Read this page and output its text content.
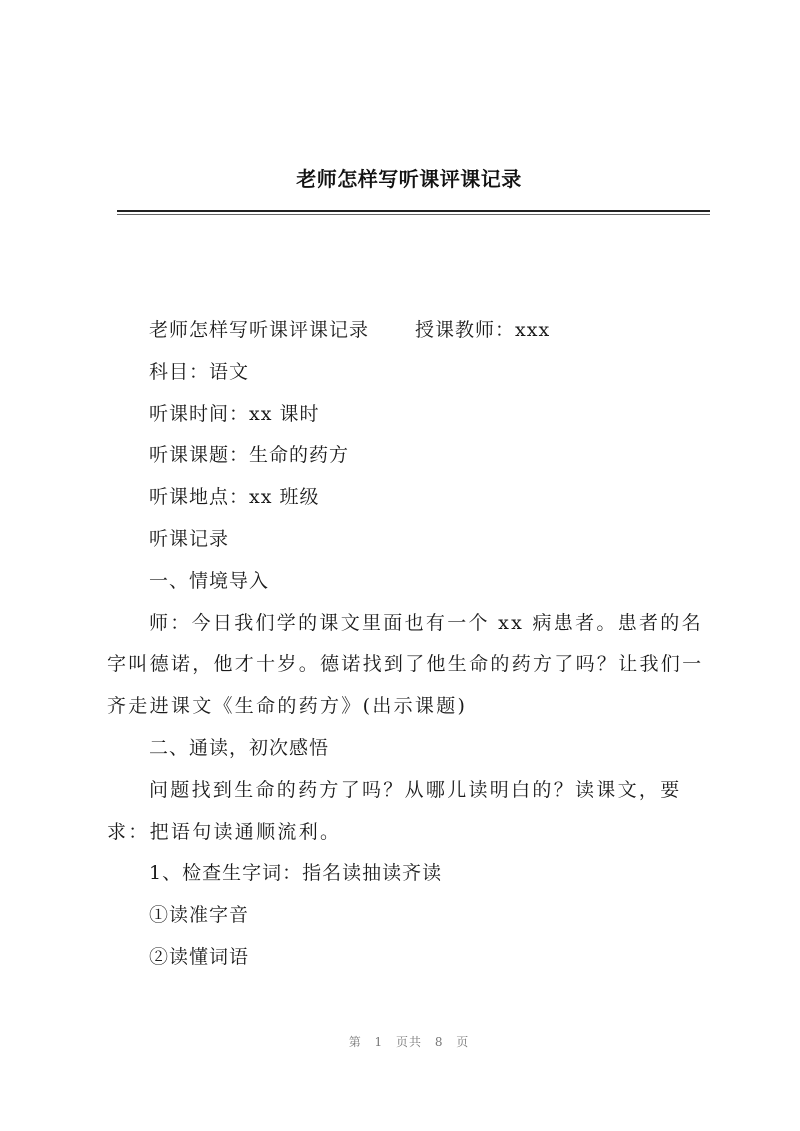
老师怎样写听课评课记录
老师怎样写听课评课记录 授课教师：xxx
科目：语文
听课时间：xx 课时
听课课题：生命的药方
听课地点：xx 班级
听课记录
一、情境导入
师：今日我们学的课文里面也有一个 xx 病患者。患者的名字叫德诺，他才十岁。德诺找到了他生命的药方了吗？让我们一齐走进课文《生命的药方》(出示课题)
二、通读，初次感悟
问题找到生命的药方了吗？从哪儿读明白的？读课文，要求：把语句读通顺流利。
1、检查生字词：指名读抽读齐读
①读准字音
②读懂词语
第 1 页共 8 页
